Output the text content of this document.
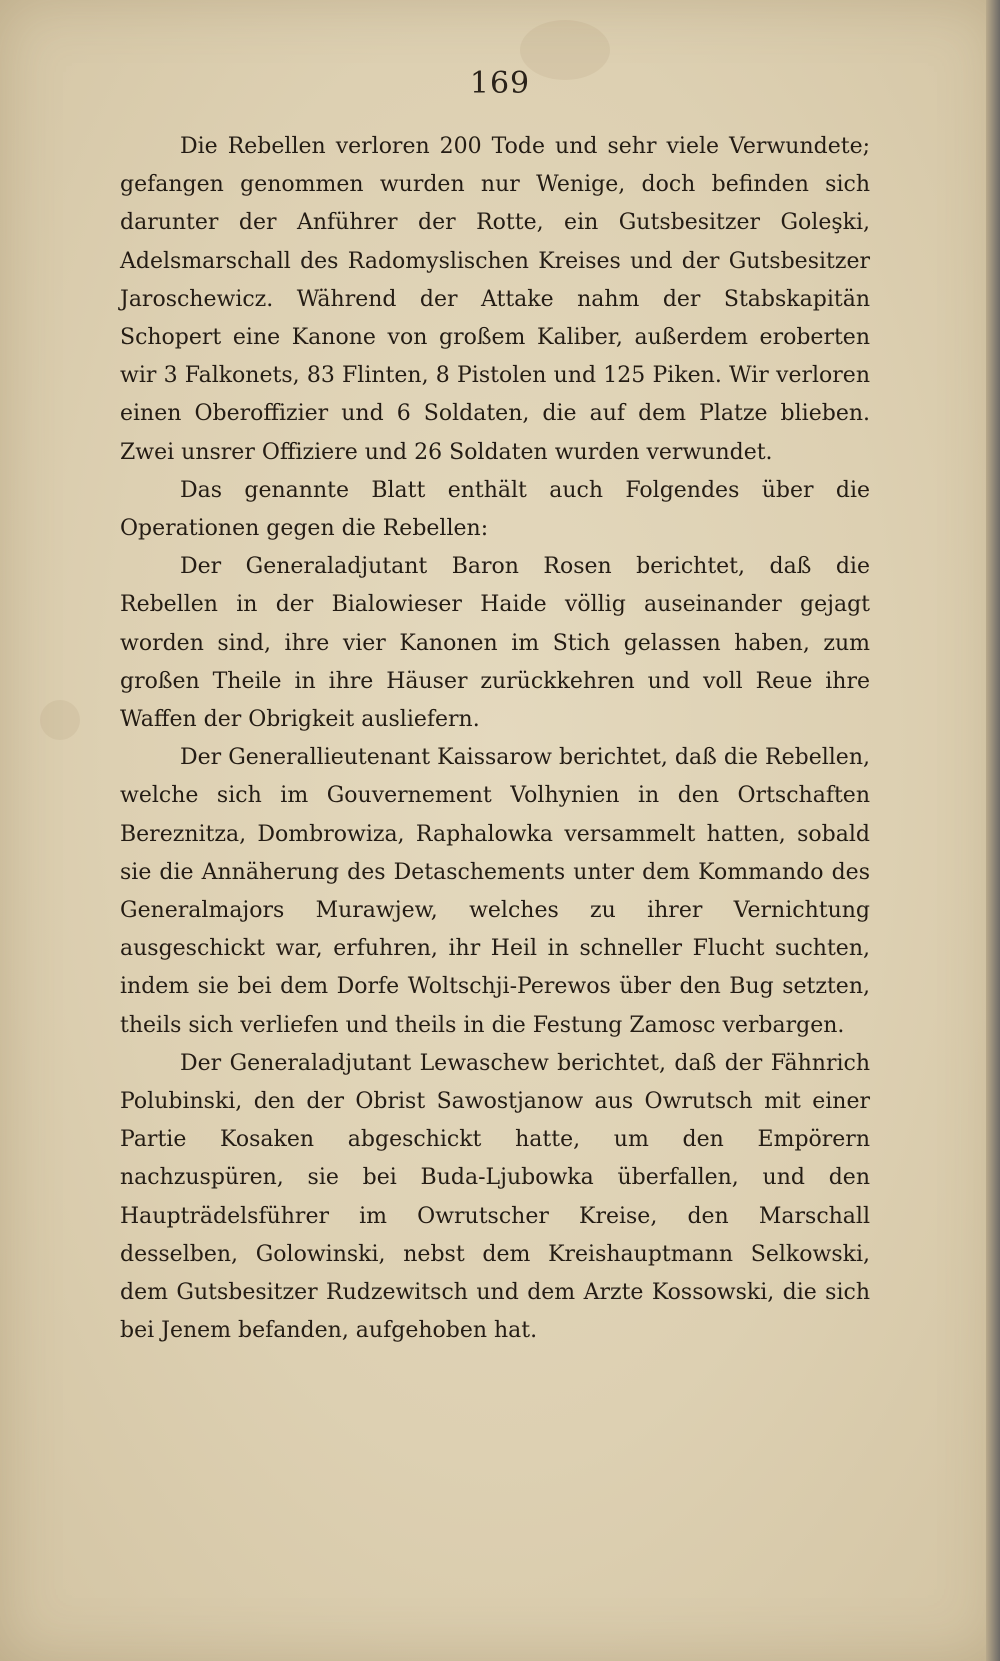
169

Die Rebellen verloren 200 Tode und sehr viele Verwundete; gefangen genommen wurden nur Wenige, doch befinden sich darunter der Anführer der Rotte, ein Gutsbesitzer Goleşki, Adelsmarschall des Radomyslischen Kreises und der Gutsbesitzer Jaroschewicz. Während der Attake nahm der Stabskapitän Schopert eine Kanone von großem Kaliber, außerdem eroberten wir 3 Falkonets, 83 Flinten, 8 Pistolen und 125 Piken. Wir verloren einen Oberoffizier und 6 Soldaten, die auf dem Platze blieben. Zwei unsrer Offiziere und 26 Soldaten wurden verwundet.

Das genannte Blatt enthält auch Folgendes über die Operationen gegen die Rebellen:

Der Generaladjutant Baron Rosen berichtet, daß die Rebellen in der Bialowieser Haide völlig auseinander gejagt worden sind, ihre vier Kanonen im Stich gelassen haben, zum großen Theile in ihre Häuser zurückkehren und voll Reue ihre Waffen der Obrigkeit ausliefern.

Der Generallieutenant Kaissarow berichtet, daß die Rebellen, welche sich im Gouvernement Volhynien in den Ortschaften Bereznitza, Dombrowiza, Raphalowka versammelt hatten, sobald sie die Annäherung des Detaschements unter dem Kommando des Generalmajors Murawjew, welches zu ihrer Vernichtung ausgeschickt war, erfuhren, ihr Heil in schneller Flucht suchten, indem sie bei dem Dorfe Woltschji-Perewos über den Bug setzten, theils sich verliefen und theils in die Festung Zamosc verbargen.

Der Generaladjutant Lewaschew berichtet, daß der Fähnrich Polubinski, den der Obrist Sawostjanow aus Owrutsch mit einer Partie Kosaken abgeschickt hatte, um den Empörern nachzuspüren, sie bei Buda-Ljubowka überfallen, und den Haupträdelsführer im Owrutscher Kreise, den Marschall desselben, Golowinski, nebst dem Kreishauptmann Selkowski, dem Gutsbesitzer Rudzewitsch und dem Arzte Kossowski, die sich bei Jenem befanden, aufgehoben hat.
